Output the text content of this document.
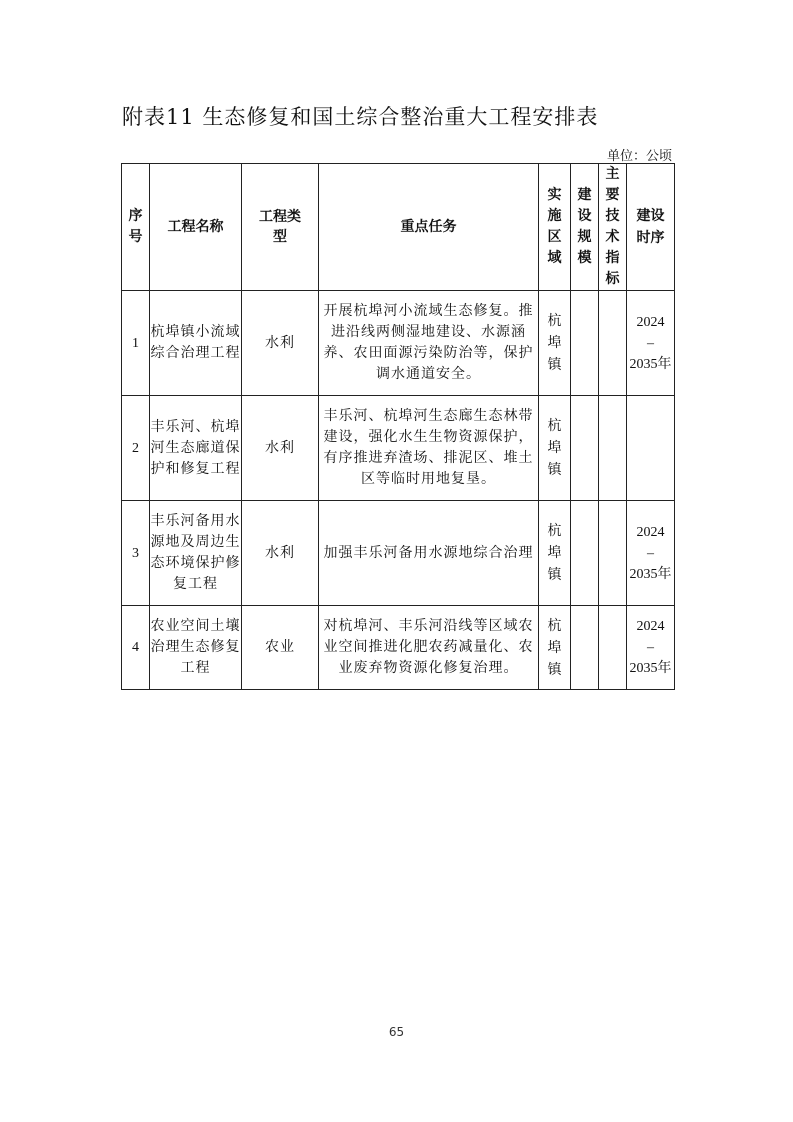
附表11 生态修复和国土综合整治重大工程安排表
单位：公顷
序号	工程名称	工程类型	重点任务	实施区域	建设规模	主要技术指标	建设时序
1	杭埠镇小流域综合治理工程	水利	开展杭埠河小流域生态修复。推进沿线两侧湿地建设、水源涵养、农田面源污染防治等，保护调水通道安全。	杭埠镇			2024
–
2035年

2	丰乐河、杭埠河生态廊道保护和修复工程	水利	丰乐河、杭埠河生态廊生态林带建设，强化水生生物资源保护，有序推进弃渣场、排泥区、堆土区等临时用地复垦。	杭埠镇			

3	丰乐河备用水源地及周边生态环境保护修复工程	水利	加强丰乐河备用水源地综合治理	杭埠镇			2024
–
2035年

4	农业空间土壤治理生态修复工程	农业	对杭埠河、丰乐河沿线等区域农业空间推进化肥农药减量化、农业废弃物资源化修复治理。	杭埠镇			2024
–
2035年
65
